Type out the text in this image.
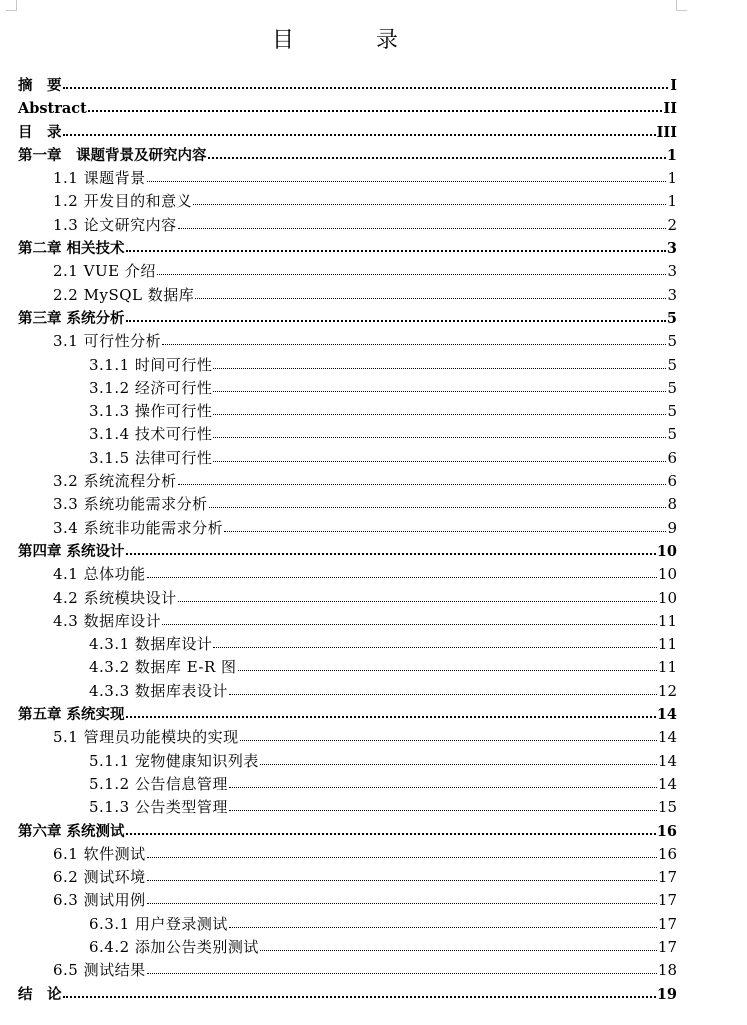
目　录
摘　要	I
Abstract	II
目　录	III
第一章　课题背景及研究内容	1
1.1 课题背景	1
1.2 开发目的和意义	1
1.3 论文研究内容	2
第二章 相关技术	3
2.1 VUE 介绍	3
2.2 MySQL 数据库	3
第三章 系统分析	5
3.1 可行性分析	5
3.1.1 时间可行性	5
3.1.2 经济可行性	5
3.1.3 操作可行性	5
3.1.4 技术可行性	5
3.1.5 法律可行性	6
3.2 系统流程分析	6
3.3 系统功能需求分析	8
3.4 系统非功能需求分析	9
第四章 系统设计	10
4.1 总体功能	10
4.2 系统模块设计	10
4.3 数据库设计	11
4.3.1 数据库设计	11
4.3.2 数据库 E-R 图	11
4.3.3 数据库表设计	12
第五章 系统实现	14
5.1 管理员功能模块的实现	14
5.1.1 宠物健康知识列表	14
5.1.2 公告信息管理	14
5.1.3 公告类型管理	15
第六章 系统测试	16
6.1 软件测试	16
6.2 测试环境	17
6.3 测试用例	17
6.3.1 用户登录测试	17
6.4.2 添加公告类别测试	17
6.5 测试结果	18
结　论	19
